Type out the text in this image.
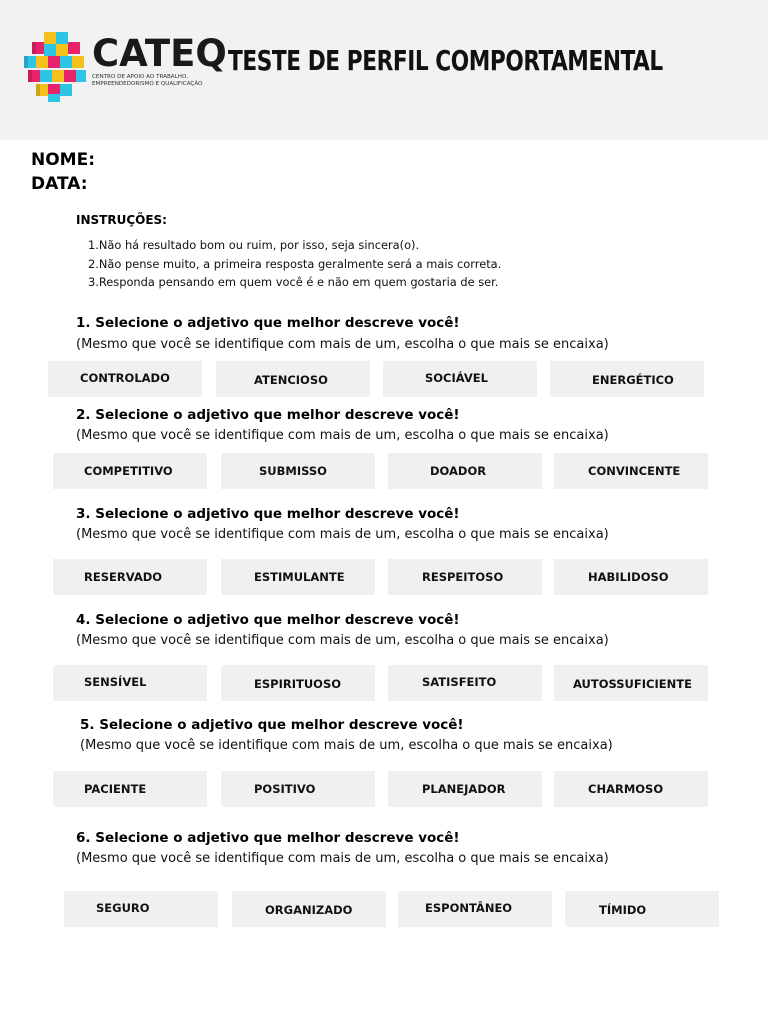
CATEQ
CENTRO DE APOIO AO TRABALHO, EMPREENDEDORISMO E QUALIFICAÇÃO
TESTE DE PERFIL COMPORTAMENTAL
NOME:
DATA:
INSTRUÇÕES:
1.Não há resultado bom ou ruim, por isso, seja sincera(o).
2.Não pense muito, a primeira resposta geralmente será a mais correta.
3.Responda pensando em quem você é e não em quem gostaria de ser.
1. Selecione o adjetivo que melhor descreve você!
(Mesmo que você se identifique com mais de um, escolha o que mais se encaixa)
CONTROLADO	ATENCIOSO	SOCIÁVEL	ENERGÉTICO
2. Selecione o adjetivo que melhor descreve você!
(Mesmo que você se identifique com mais de um, escolha o que mais se encaixa)
COMPETITIVO	SUBMISSO	DOADOR	CONVINCENTE
3. Selecione o adjetivo que melhor descreve você!
(Mesmo que você se identifique com mais de um, escolha o que mais se encaixa)
RESERVADO	ESTIMULANTE	RESPEITOSO	HABILIDOSO
4. Selecione o adjetivo que melhor descreve você!
(Mesmo que você se identifique com mais de um, escolha o que mais se encaixa)
SENSÍVEL	ESPIRITUOSO	SATISFEITO	AUTOSSUFICIENTE
5. Selecione o adjetivo que melhor descreve você!
(Mesmo que você se identifique com mais de um, escolha o que mais se encaixa)
PACIENTE	POSITIVO	PLANEJADOR	CHARMOSO
6. Selecione o adjetivo que melhor descreve você!
(Mesmo que você se identifique com mais de um, escolha o que mais se encaixa)
SEGURO	ORGANIZADO	ESPONTÂNEO	TÍMIDO
